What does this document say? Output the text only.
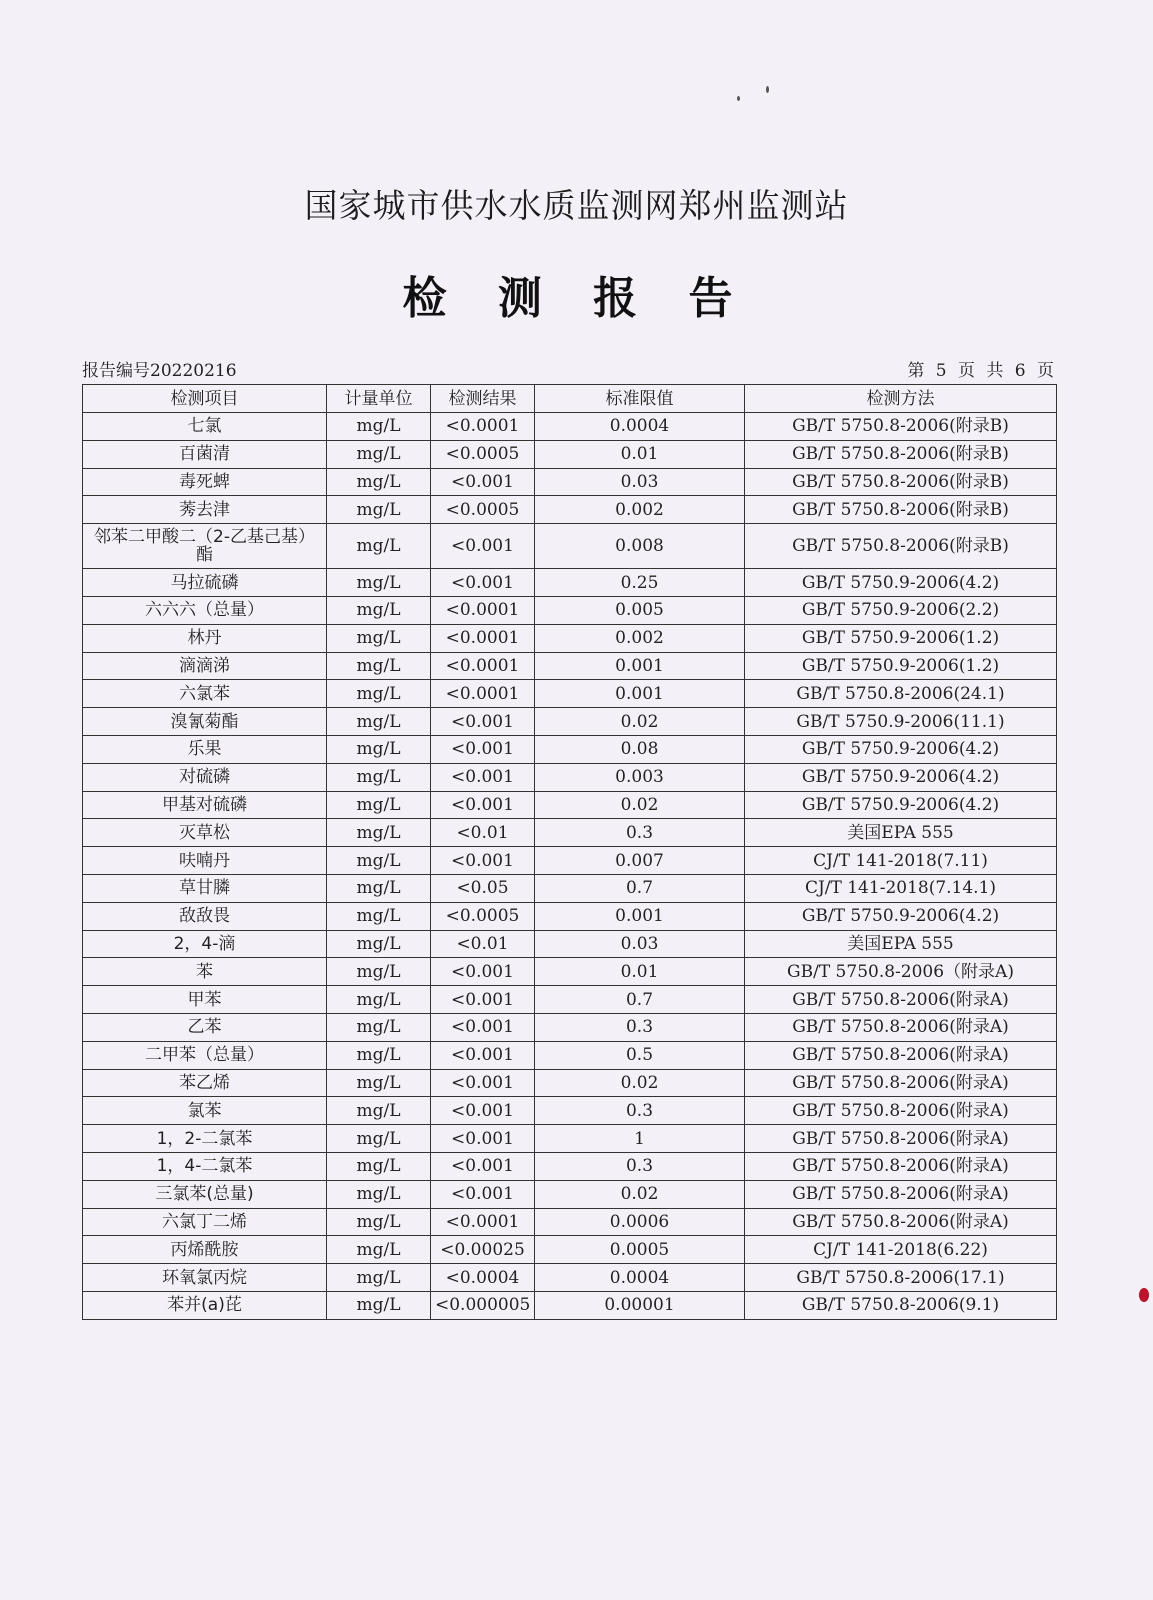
国家城市供水水质监测网郑州监测站
检 测 报 告
报告编号20220216	第 5 页 共 6 页
检测项目	计量单位	检测结果	标准限值	检测方法
七氯	mg/L	<0.0001	0.0004	GB/T 5750.8-2006(附录B)
百菌清	mg/L	<0.0005	0.01	GB/T 5750.8-2006(附录B)
毒死蜱	mg/L	<0.001	0.03	GB/T 5750.8-2006(附录B)
莠去津	mg/L	<0.0005	0.002	GB/T 5750.8-2006(附录B)
邻苯二甲酸二（2-乙基己基）酯	mg/L	<0.001	0.008	GB/T 5750.8-2006(附录B)
马拉硫磷	mg/L	<0.001	0.25	GB/T 5750.9-2006(4.2)
六六六（总量）	mg/L	<0.0001	0.005	GB/T 5750.9-2006(2.2)
林丹	mg/L	<0.0001	0.002	GB/T 5750.9-2006(1.2)
滴滴涕	mg/L	<0.0001	0.001	GB/T 5750.9-2006(1.2)
六氯苯	mg/L	<0.0001	0.001	GB/T 5750.8-2006(24.1)
溴氰菊酯	mg/L	<0.001	0.02	GB/T 5750.9-2006(11.1)
乐果	mg/L	<0.001	0.08	GB/T 5750.9-2006(4.2)
对硫磷	mg/L	<0.001	0.003	GB/T 5750.9-2006(4.2)
甲基对硫磷	mg/L	<0.001	0.02	GB/T 5750.9-2006(4.2)
灭草松	mg/L	<0.01	0.3	美国EPA 555
呋喃丹	mg/L	<0.001	0.007	CJ/T 141-2018(7.11)
草甘膦	mg/L	<0.05	0.7	CJ/T 141-2018(7.14.1)
敌敌畏	mg/L	<0.0005	0.001	GB/T 5750.9-2006(4.2)
2，4-滴	mg/L	<0.01	0.03	美国EPA 555
苯	mg/L	<0.001	0.01	GB/T 5750.8-2006（附录A)
甲苯	mg/L	<0.001	0.7	GB/T 5750.8-2006(附录A)
乙苯	mg/L	<0.001	0.3	GB/T 5750.8-2006(附录A)
二甲苯（总量）	mg/L	<0.001	0.5	GB/T 5750.8-2006(附录A)
苯乙烯	mg/L	<0.001	0.02	GB/T 5750.8-2006(附录A)
氯苯	mg/L	<0.001	0.3	GB/T 5750.8-2006(附录A)
1，2-二氯苯	mg/L	<0.001	1	GB/T 5750.8-2006(附录A)
1，4-二氯苯	mg/L	<0.001	0.3	GB/T 5750.8-2006(附录A)
三氯苯(总量)	mg/L	<0.001	0.02	GB/T 5750.8-2006(附录A)
六氯丁二烯	mg/L	<0.0001	0.0006	GB/T 5750.8-2006(附录A)
丙烯酰胺	mg/L	<0.00025	0.0005	CJ/T 141-2018(6.22)
环氧氯丙烷	mg/L	<0.0004	0.0004	GB/T 5750.8-2006(17.1)
苯并(a)芘	mg/L	<0.000005	0.00001	GB/T 5750.8-2006(9.1)
